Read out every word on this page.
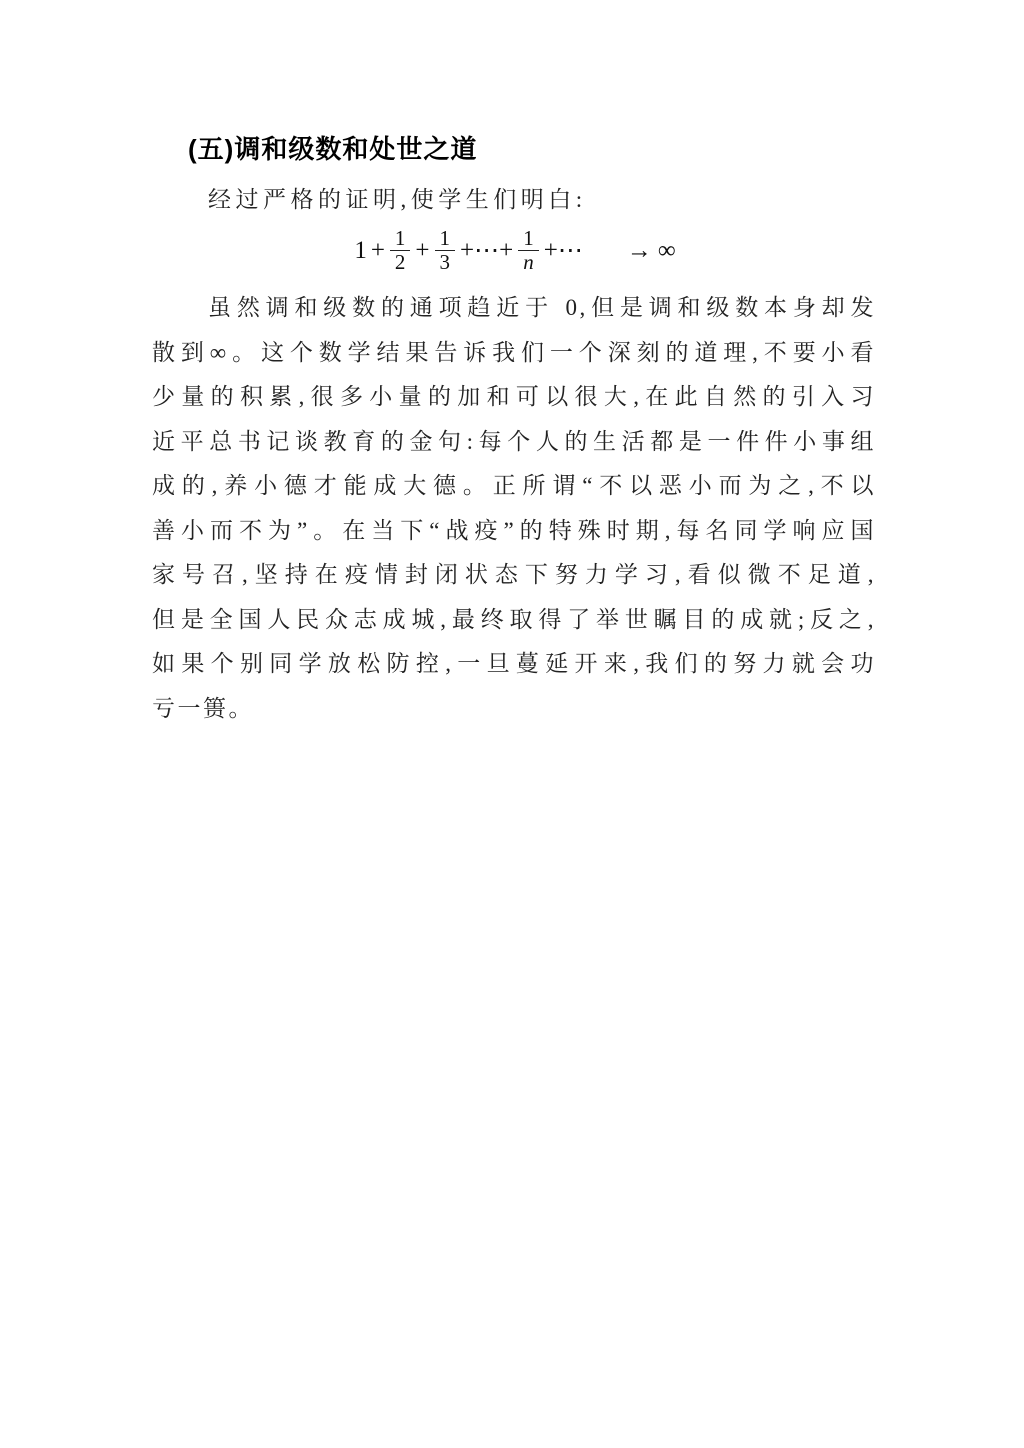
(五)调和级数和处世之道

经过严格的证明,使学生们明白:

$1 + \frac{1}{2} + \frac{1}{3}$ +⋯+ $\frac{1}{n}$ +⋯ → ∞
虽然调和级数的通项趋近于 0,但是调和级数本身却发
散到∞。这个数学结果告诉我们一个深刻的道理,不要小看
少量的积累,很多小量的加和可以很大,在此自然的引入习
近平总书记谈教育的金句:每个人的生活都是一件件小事组
成的,养小德才能成大德。正所谓“不以恶小而为之,不以
善小而不为”。在当下“战疫”的特殊时期,每名同学响应国
家号召,坚持在疫情封闭状态下努力学习,看似微不足道,
但是全国人民众志成城,最终取得了举世瞩目的成就;反之,
如果个别同学放松防控,一旦蔓延开来,我们的努力就会功
亏一篑。
